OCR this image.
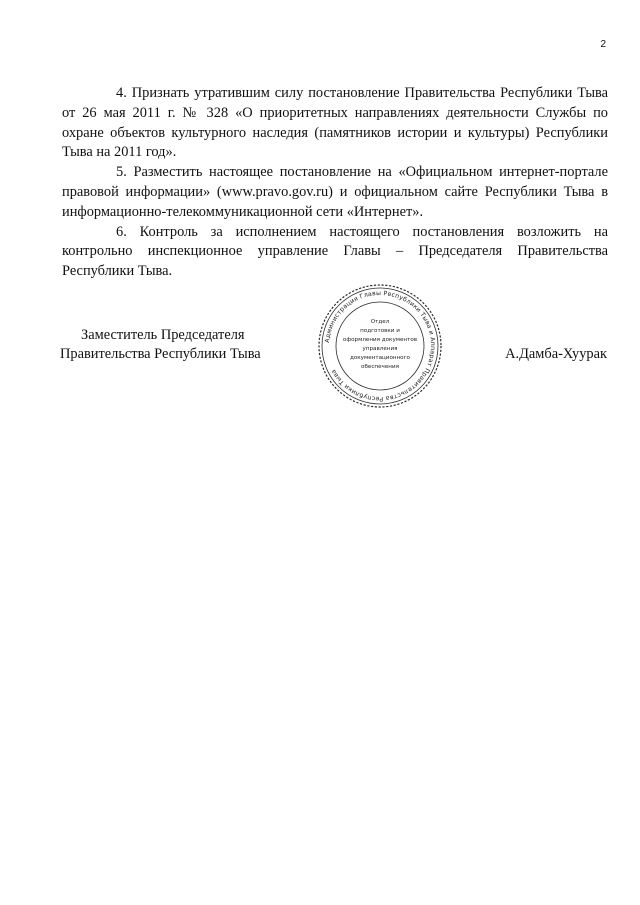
2

4. Признать утратившим силу постановление Правительства Республики Тыва от 26 мая 2011 г. № 328 «О приоритетных направлениях деятельности Службы по охране объектов культурного наследия (памятников истории и культуры) Республики Тыва на 2011 год».

5. Разместить настоящее постановление на «Официальном интернет-портале правовой информации» (www.pravo.gov.ru) и официальном сайте Республики Тыва в информационно-телекоммуникационной сети «Интернет».

6. Контроль за исполнением настоящего постановления возложить на контрольно инспекционное управление Главы – Председателя Правительства Республики Тыва.

Заместитель Председателя
Правительства Республики Тыва	А.Дамба-Хуурак
Администрация Главы Республики Тыва и Аппарат Правительства Республики Тыва
Отдел
подготовки и
оформления документов
управления
документационного
обеспечения
